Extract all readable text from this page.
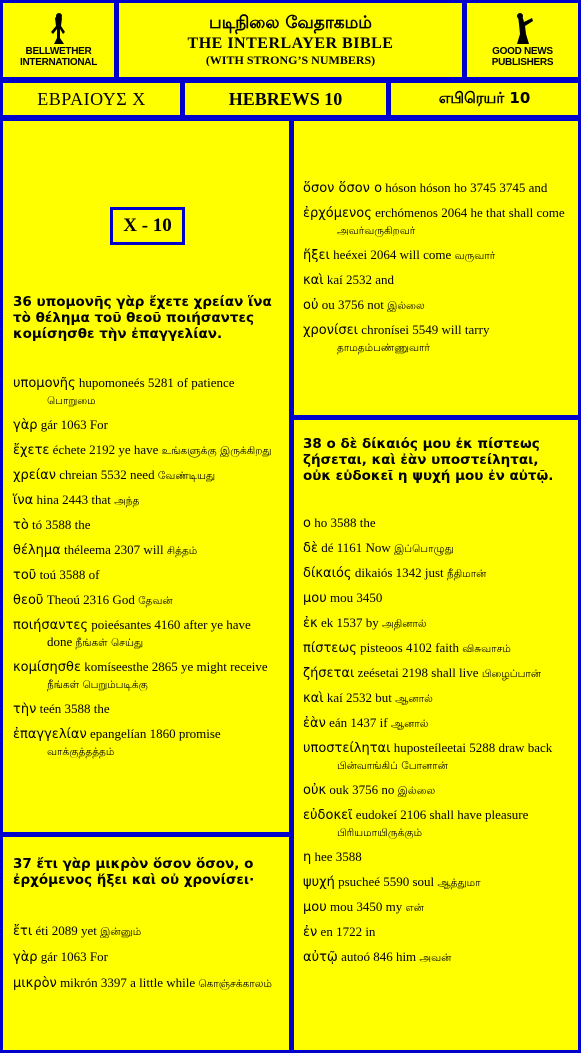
BELLWETHER
INTERNATIONAL
படிநிலை வேதாகமம்
THE INTERLAYER BIBLE
(WITH STRONG’S NUMBERS)
GOOD NEWS
PUBLISHERS
ΕΒΡΑΙΟΥΣ X	HEBREWS 10	எபிரெயர் 10
X - 10
36 υπομονῆς γὰρ ἔχετε χρείαν ἵνα τὸ θέλημα τοῦ θεοῦ ποιήσαντες κομίσησθε τὴν ἐπαγγελίαν.
υπομονῆς hupomoneés 5281 of patience பொறுமை
γὰρ gár 1063 For
ἔχετε échete 2192 ye have உங்களுக்கு இருக்கிறது
χρείαν chreian 5532 need வேண்டியது
ἵνα hina 2443 that அந்த
τὸ tó 3588 the
θέλημα théleema 2307 will சித்தம்
τοῦ toú 3588 of
θεοῦ Theoú 2316 God தேவன்
ποιήσαντες poieésantes 4160 after ye have done நீங்கள் செய்து
κομίσησθε komíseesthe 2865 ye might receive நீங்கள் பெறும்படிக்கு
τὴν teén 3588 the
ἐπαγγελίαν epangelían 1860 promise வாக்குத்தத்தம்
37 ἔτι γὰρ μικρὸν ὅσον ὅσον, ο ἐρχόμενος ἥξει καὶ οὐ χρονίσει·
ἔτι éti 2089 yet இன்னும்
γὰρ gár 1063 For
μικρὸν mikrón 3397 a little while கொஞ்சக்காலம்
ὅσον ὅσον ο hóson hóson ho 3745 3745 and
ἐρχόμενος erchómenos 2064 he that shall come அவர்வருகிறவர்
ἥξει heéxei 2064 will come வருவார்
καὶ kaí 2532 and
οὐ ou 3756 not இல்லை
χρονίσει chronísei 5549 will tarry தாமதம்பண்ணுவார்
38 ο δὲ δίκαιός μου ἐκ πίστεως ζήσεται, καὶ ἐὰν υποστείληται, οὐκ εὐδοκεῖ η ψυχή μου ἐν αὐτῷ.
ο ho 3588 the
δὲ dé 1161 Now இப்பொழுது
δίκαιός dikaiós 1342 just நீதிமான்
μου mou 3450
ἐκ ek 1537 by அதினால்
πίστεως pisteoos 4102 faith விசுவாசம்
ζήσεται zeésetai 2198 shall live பிழைப்பான்
καὶ kaí 2532 but ஆனால்
ἐὰν eán 1437 if ஆனால்
υποστείληται huposteíleetai 5288 draw back பின்வாங்கிப் போனான்
οὐκ ouk 3756 no இல்லை
εὐδοκεῖ eudokeí 2106 shall have pleasure பிரியமாயிருக்கும்
η hee 3588
ψυχή psucheé 5590 soul ஆத்துமா
μου mou 3450 my என்
ἐν en 1722 in
αὐτῷ autoó 846 him அவன்
